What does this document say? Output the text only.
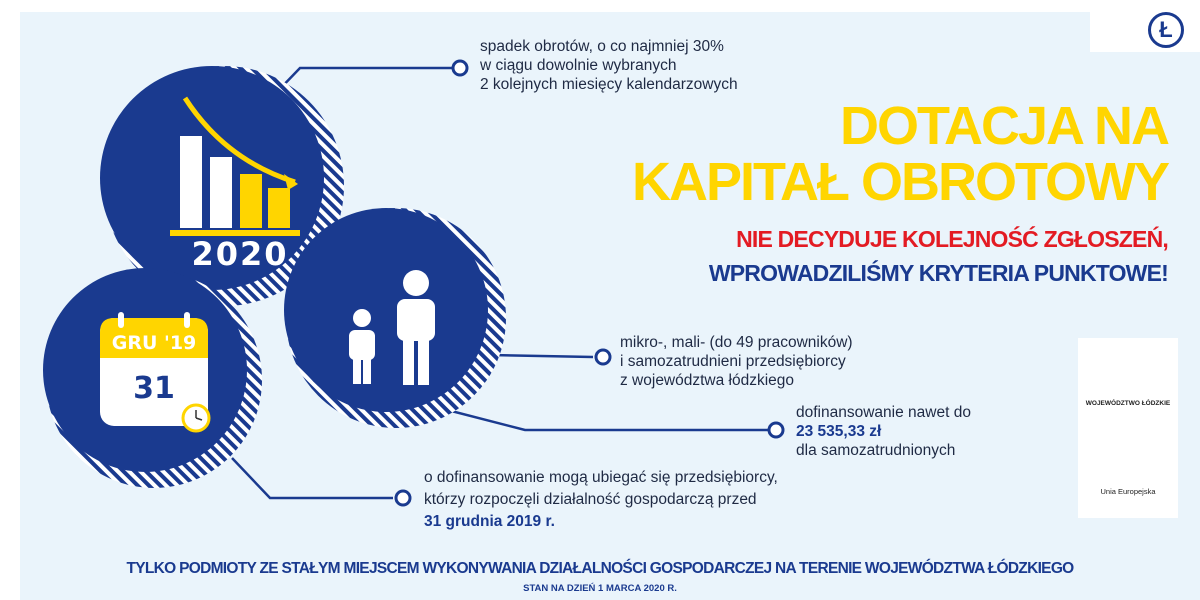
2020
GRU '19
31
Ł
DOTACJA NA
KAPITAŁ OBROTOWY
NIE DECYDUJE KOLEJNOŚĆ ZGŁOSZEŃ,
WPROWADZILIŚMY KRYTERIA PUNKTOWE!
spadek obrotów, o co najmniej 30%
w ciągu dowolnie wybranych
2 kolejnych miesięcy kalendarzowych
mikro-, mali- (do 49 pracowników)
i samozatrudnieni przedsiębiorcy
z województwa łódzkiego
dofinansowanie nawet do
23 535,33 zł
dla samozatrudnionych
o dofinansowanie mogą ubiegać się przedsiębiorcy,
którzy rozpoczęli działalność gospodarczą przed
31 grudnia 2019 r.
WOJEWÓDZTWO ŁÓDZKIE
Unia Europejska
TYLKO PODMIOTY ZE STAŁYM MIEJSCEM WYKONYWANIA DZIAŁALNOŚCI GOSPODARCZEJ NA TERENIE WOJEWÓDZTWA ŁÓDZKIEGO
STAN NA DZIEŃ 1 MARCA 2020 R.
